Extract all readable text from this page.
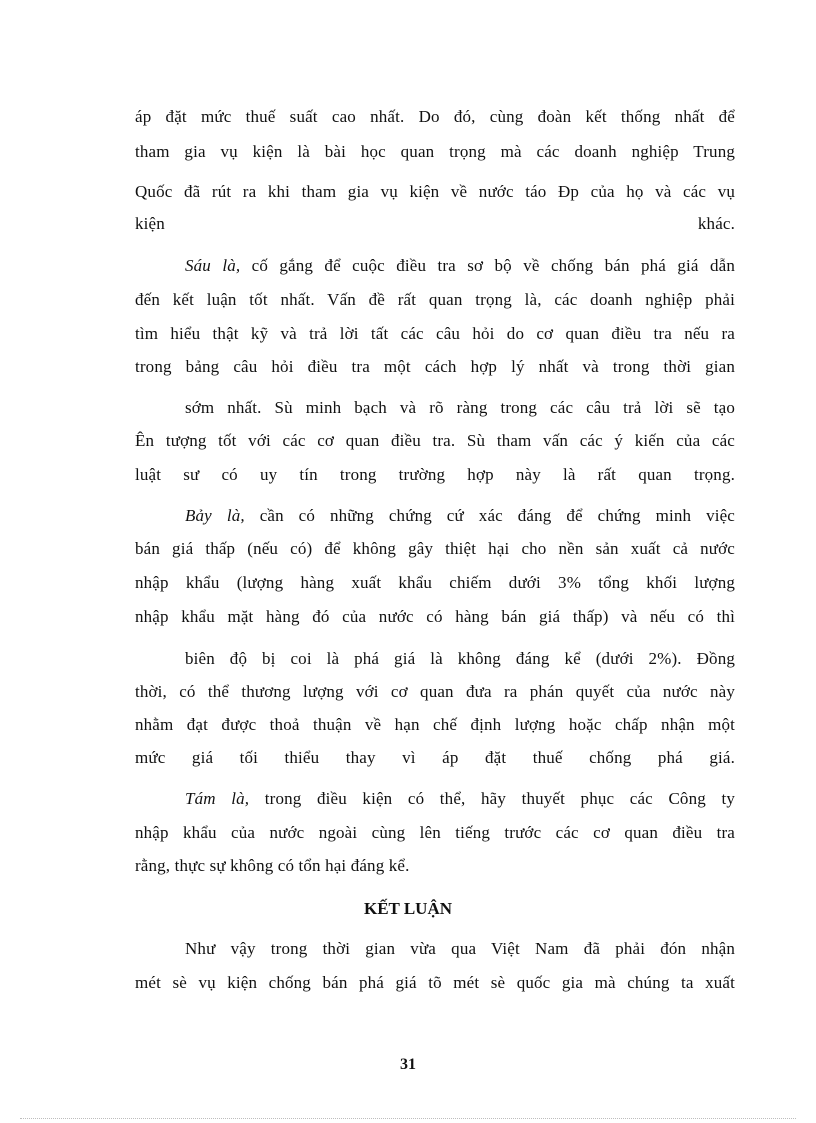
áp đặt mức thuế suất cao nhất. Do đó, cùng đoàn kết thống nhất để
tham gia vụ kiện là bài học quan trọng mà các doanh nghiệp Trung
Quốc đã rút ra khi tham gia vụ kiện về nước táo Ðp của họ và các vụ
kiện	khác.
Sáu là, cố gắng để cuộc điều tra sơ bộ về chống bán phá giá dẫn
đến kết luận tốt nhất. Vấn đề rất quan trọng là, các doanh nghiệp phải
tìm hiểu thật kỹ và trả lời tất các câu hỏi do cơ quan điều tra nếu ra
trong bảng câu hỏi điều tra một cách hợp lý nhất và trong thời gian
sớm nhất. Sù minh bạch và rõ ràng trong các câu trả lời sẽ tạo
Ên tượng tốt với các cơ quan điều tra. Sù tham vấn các ý kiến của các
luật sư có uy tín trong trường hợp này là rất quan trọng.
Bảy là, cần có những chứng cứ xác đáng để chứng minh việc
bán giá thấp (nếu có) để không gây thiệt hại cho nền sản xuất cả nước
nhập khẩu (lượng hàng xuất khẩu chiếm dưới 3% tổng khối lượng
nhập khẩu mặt hàng đó của nước có hàng bán giá thấp) và nếu có thì
biên độ bị coi là phá giá là không đáng kể (dưới 2%). Đồng
thời, có thể thương lượng với cơ quan đưa ra phán quyết của nước này
nhằm đạt được thoả thuận về hạn chế định lượng hoặc chấp nhận một
mức giá tối thiểu thay vì áp đặt thuế chống phá giá.
Tám là, trong điều kiện có thể, hãy thuyết phục các Công ty
nhập khẩu của nước ngoài cùng lên tiếng trước các cơ quan điều tra
rằng, thực sự không có tổn hại đáng kể.
KẾT LUẬN
Như vậy trong thời gian vừa qua Việt Nam đã phải đón nhận
mét sè vụ kiện chống bán phá giá tõ mét sè quốc gia mà chúng ta xuất
31
